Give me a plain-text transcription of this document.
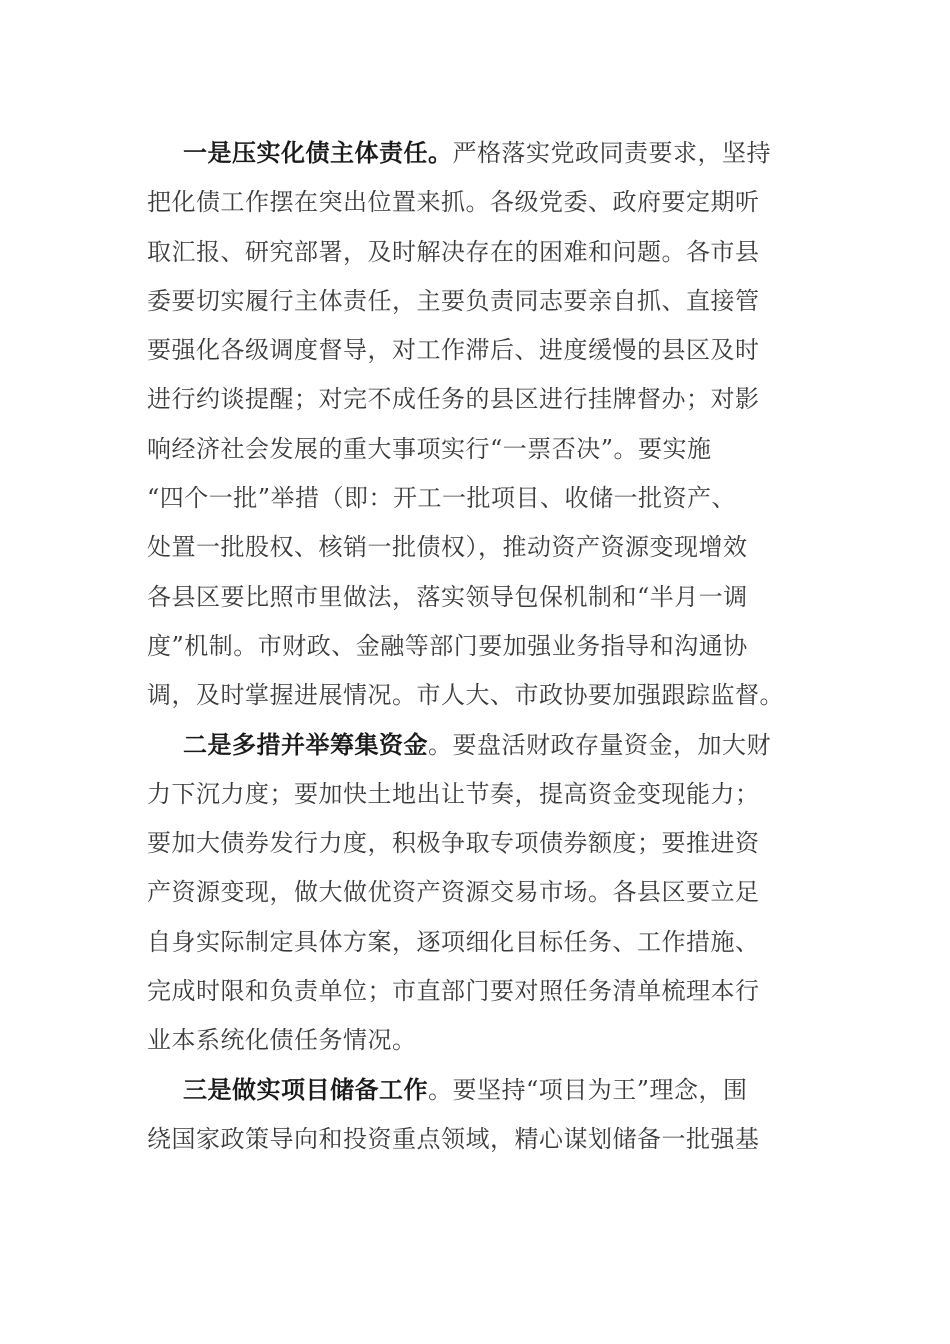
一是压实化债主体责任。严格落实党政同责要求，坚持
把化债工作摆在突出位置来抓。各级党委、政府要定期听
取汇报、研究部署，及时解决存在的困难和问题。各市县
委要切实履行主体责任，主要负责同志要亲自抓、直接管
要强化各级调度督导，对工作滞后、进度缓慢的县区及时
进行约谈提醒；对完不成任务的县区进行挂牌督办；对影
响经济社会发展的重大事项实行“一票否决”。要实施
“四个一批”举措（即：开工一批项目、收储一批资产、
处置一批股权、核销一批债权），推动资产资源变现增效
各县区要比照市里做法，落实领导包保机制和“半月一调
度”机制。市财政、金融等部门要加强业务指导和沟通协
调，及时掌握进展情况。市人大、市政协要加强跟踪监督。
二是多措并举筹集资金。要盘活财政存量资金，加大财
力下沉力度；要加快土地出让节奏，提高资金变现能力；
要加大债券发行力度，积极争取专项债券额度；要推进资
产资源变现，做大做优资产资源交易市场。各县区要立足
自身实际制定具体方案，逐项细化目标任务、工作措施、
完成时限和负责单位；市直部门要对照任务清单梳理本行
业本系统化债任务情况。
三是做实项目储备工作。要坚持“项目为王”理念，围
绕国家政策导向和投资重点领域，精心谋划储备一批强基
